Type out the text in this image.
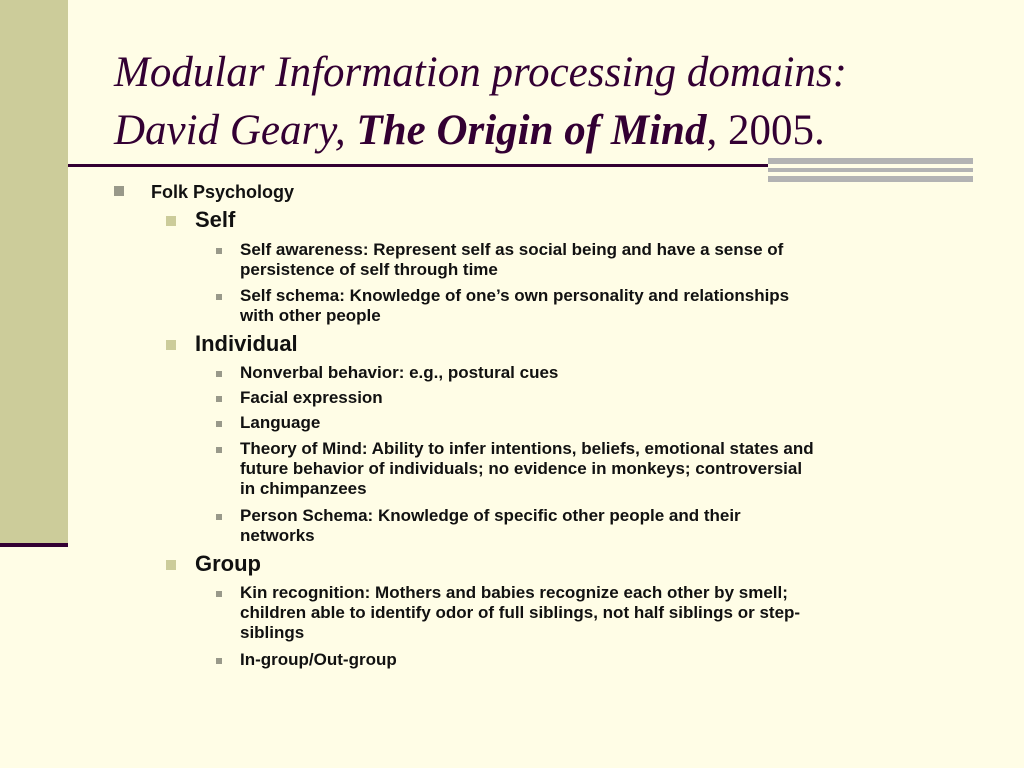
Modular Information processing domains:
David Geary, The Origin of Mind, 2005.
Folk Psychology
Self
Self awareness: Represent self as social being and have a sense of
persistence of self through time
Self schema: Knowledge of one’s own personality and relationships
with other people
Individual
Nonverbal behavior: e.g., postural cues
Facial expression
Language
Theory of Mind: Ability to infer intentions, beliefs, emotional states and
future behavior of individuals; no evidence in monkeys; controversial
in chimpanzees
Person Schema: Knowledge of specific other people and their
networks
Group
Kin recognition: Mothers and babies recognize each other by smell;
children able to identify odor of full siblings, not half siblings or step-
siblings
In-group/Out-group
